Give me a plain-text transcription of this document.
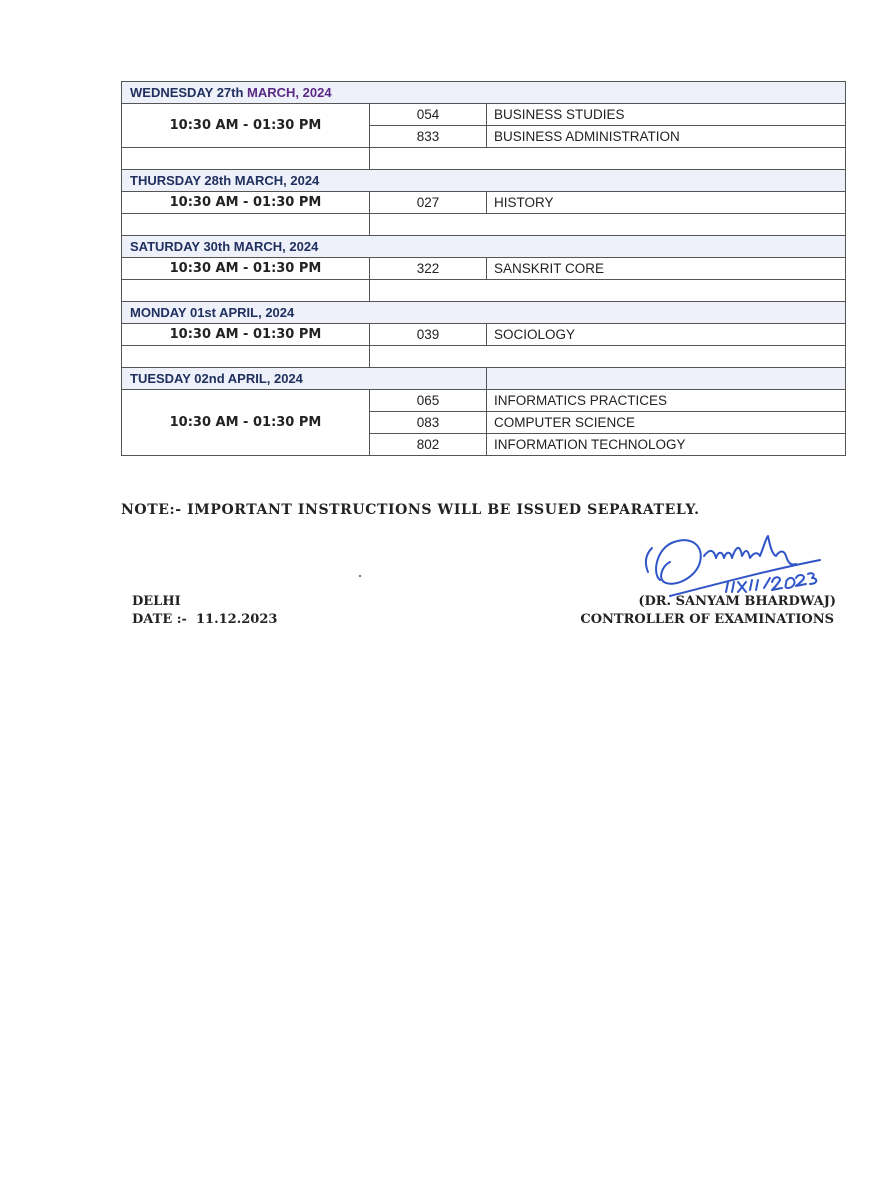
WEDNESDAY 27th MARCH, 2024		
10:30 AM - 01:30 PM	054	BUSINESS STUDIES
	833	BUSINESS ADMINISTRATION

THURSDAY 28th MARCH, 2024		
10:30 AM - 01:30 PM	027	HISTORY

SATURDAY 30th MARCH, 2024		
10:30 AM - 01:30 PM	322	SANSKRIT CORE

MONDAY 01st APRIL, 2024		
10:30 AM - 01:30 PM	039	SOCIOLOGY

TUESDAY 02nd APRIL, 2024		
10:30 AM - 01:30 PM	065	INFORMATICS PRACTICES
	083	COMPUTER SCIENCE
	802	INFORMATION TECHNOLOGY

NOTE:- IMPORTANT INSTRUCTIONS WILL BE ISSUED SEPARATELY.

DELHI
DATE :-  11.12.2023
(DR. SANYAM BHARDWAJ)
CONTROLLER OF EXAMINATIONS
